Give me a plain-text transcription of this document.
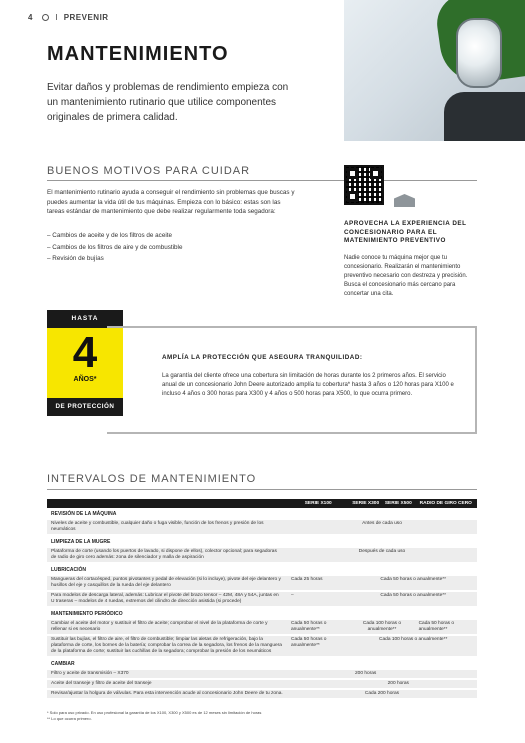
4	I PREVENIR
MANTENIMIENTO

Evitar daños y problemas de rendimiento empieza con un mantenimiento rutinario que utilice componentes originales de primera calidad.

BUENOS MOTIVOS PARA CUIDAR

El mantenimiento rutinario ayuda a conseguir el rendimiento sin problemas que buscas y puedes aumentar la vida útil de tus máquinas. Empieza con lo básico: estas son las tareas estándar de mantenimiento que debe realizar regularmente toda segadora:

– Cambios de aceite y de los filtros de aceite
– Cambios de los filtros de aire y de combustible
– Revisión de bujías
APROVECHA LA EXPERIENCIA DEL CONCESIONARIO PARA EL MATENIMIENTO PREVENTIVO

Nadie conoce tu máquina mejor que tu concesionario. Realizarán el mantenimiento preventivo necesario con destreza y precisión. Busca el concesionario más cercano para concertar una cita.

HASTA
4
AÑOS*
DE PROTECCIÓN
AMPLÍA LA PROTECCIÓN QUE ASEGURA TRANQUILIDAD:

La garantía del cliente ofrece una cobertura sin limitación de horas durante los 2 primeros años. El servicio anual de un concesionario John Deere autorizado amplía tu cobertura* hasta 3 años o 120 horas para X100 e incluso 4 años o 300 horas para X300 y 4 años o 500 horas para X500, lo que ocurra primero.

INTERVALOS DE MANTENIMIENTO
	SERIE X100	SERIE X300	SERIE X500	RADIO DE GIRO CERO
REVISIÓN DE LA MÁQUINA				
Niveles de aceite y combustible, cualquier daño o fuga visible, función de los frenos y presión de los neumáticos	Antes de cada uso			
LIMPIEZA DE LA MUGRE				
Plataforma de corte (usando los puertos de lavado, si dispone de ellos), colector opcional; para segadoras de radio de giro cero además: zona de silenciador y malla de aspiración	Después de cada uso			
LUBRICACIÓN				
Mangueras del cortacésped, puntos pivotantes y pedal de elevación (si lo incluye), pivote del eje delantero y husillos del eje y casquillos de la rueda del eje delantero	Cada 25 horas	Cada 50 horas o anualmente**		
Para modelos de descarga lateral, además: Lubricar el pivote del brazo tensor – 42M, 48A y 54A, juntas en U traseras – modelos de 4 ruedas, extremos del cilindro de dirección asistida (si procede)	–	Cada 50 horas o anualmente**		
MANTENIMIENTO PERIÓDICO				
Cambiar el aceite del motor y sustituir el filtro de aceite; comprobar el nivel de la plataforma de corte y rellenar si es necesario	Cada 50 horas o anualmente**	Cada 100 horas o anualmente**		Cada 50 horas o anualmente**
Sustituir las bujías, el filtro de aire, el filtro de combustible; limpiar las aletas de refrigeración, bajo la plataforma de corte, los bornes de la batería; comprobar la correa de la segadora, los frenos de la manguera de la plataforma de corte; sustituir las cuchillas de la segadora; comprobar la presión de los neumáticos	Cada 50 horas o anualmente**	Cada 100 horas o anualmente**		
CAMBIAR				
Filtro y aceite de transmisión – X370		200 horas		
Aceite del transeje y filtro de aceite del transeje			200 horas	
Revisar/ajustar la holgura de válvulas. Para esta intervención acude al concesionario John Deere de tu zona.	Cada 200 horas			
* Solo para uso privado. En uso profesional la garantía de los X100, X300 y X500 es de 12 meses sin limitación de horas
** Lo que ocurra primero.
